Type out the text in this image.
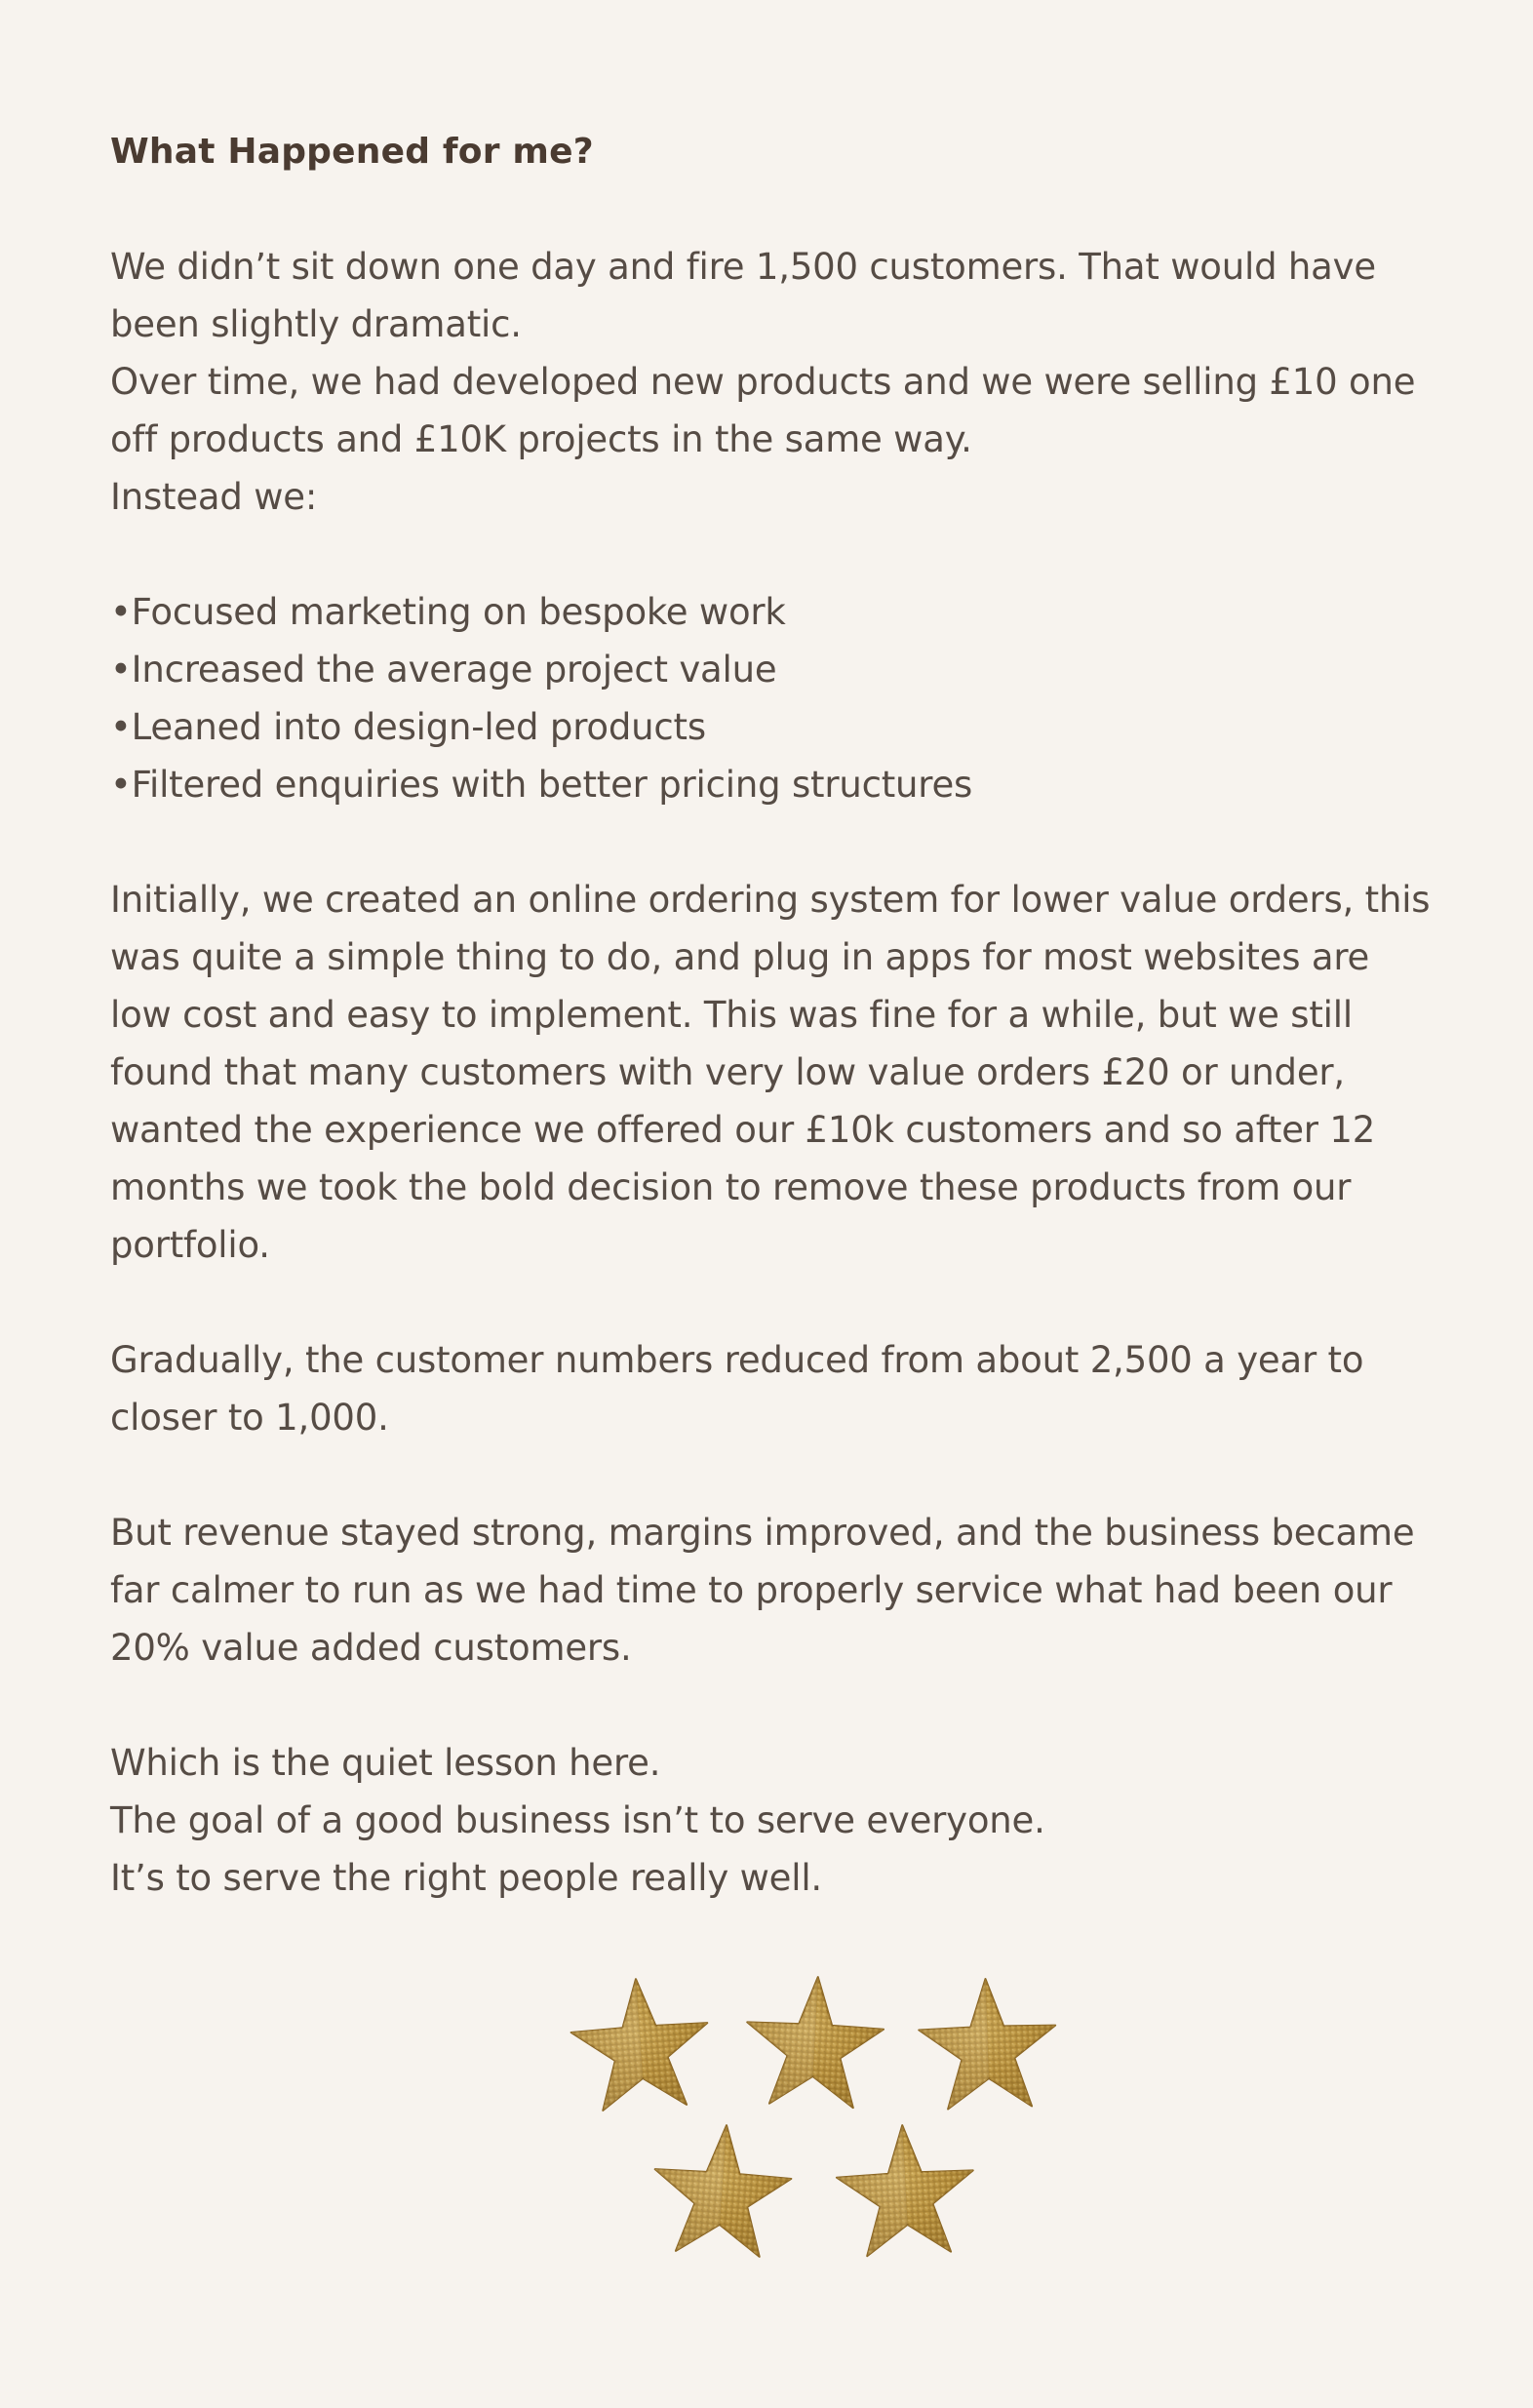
What Happened for me?

We didn’t sit down one day and fire 1,500 customers. That would have been slightly dramatic.
Over time, we had developed new products and we were selling £10 one off products and £10K projects in the same way.
Instead we:

• Focused marketing on bespoke work
• Increased the average project value
• Leaned into design-led products
• Filtered enquiries with better pricing structures

Initially, we created an online ordering system for lower value orders, this was quite a simple thing to do, and plug in apps for most websites are low cost and easy to implement. This was fine for a while, but we still found that many customers with very low value orders £20 or under, wanted the experience we offered our £10k customers and so after 12 months we took the bold decision to remove these products from our portfolio.

Gradually, the customer numbers reduced from about 2,500 a year to closer to 1,000.

But revenue stayed strong, margins improved, and the business became far calmer to run as we had time to properly service what had been our 20% value added customers.

Which is the quiet lesson here.
The goal of a good business isn’t to serve everyone.
It’s to serve the right people really well.
